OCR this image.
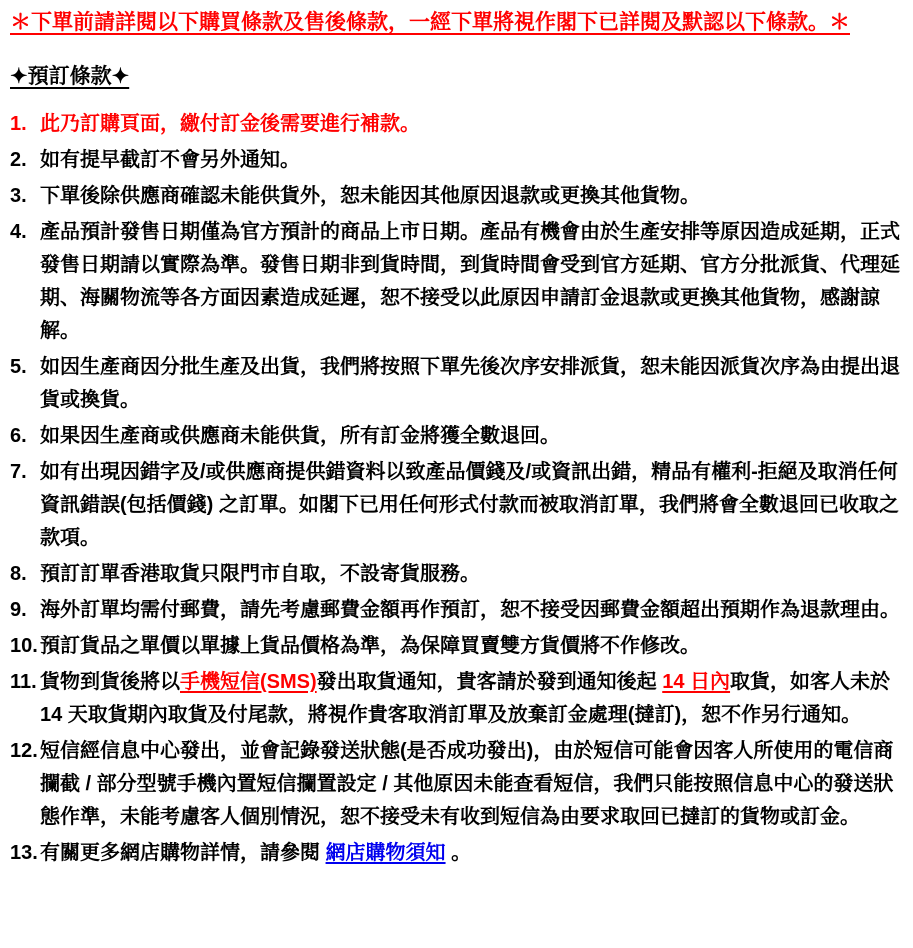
＊下單前請詳閱以下購買條款及售後條款，一經下單將視作閣下已詳閱及默認以下條款。＊
✦預訂條款✦
1. 此乃訂購頁面，繳付訂金後需要進行補款。
2. 如有提早截訂不會另外通知。
3. 下單後除供應商確認未能供貨外，恕未能因其他原因退款或更換其他貨物。
4. 產品預計發售日期僅為官方預計的商品上市日期。產品有機會由於生產安排等原因造成延期，正式發售日期請以實際為準。發售日期非到貨時間，到貨時間會受到官方延期、官方分批派貨、代理延期、海關物流等各方面因素造成延遲，恕不接受以此原因申請訂金退款或更換其他貨物，感謝諒解。
5. 如因生產商因分批生產及出貨，我們將按照下單先後次序安排派貨，恕未能因派貨次序為由提出退貨或換貨。
6. 如果因生產商或供應商未能供貨，所有訂金將獲全數退回。
7. 如有出現因錯字及/或供應商提供錯資料以致產品價錢及/或資訊出錯，精品有權利-拒絕及取消任何資訊錯誤(包括價錢) 之訂單。如閣下已用任何形式付款而被取消訂單，我們將會全數退回已收取之款項。
8. 預訂訂單香港取貨只限門市自取，不設寄貨服務。
9. 海外訂單均需付郵費，請先考慮郵費金額再作預訂，恕不接受因郵費金額超出預期作為退款理由。
10. 預訂貨品之單價以單據上貨品價格為準，為保障買賣雙方貨價將不作修改。
11. 貨物到貨後將以手機短信(SMS)發出取貨通知，貴客請於發到通知後起 14 日內取貨，如客人未於 14 天取貨期內取貨及付尾款，將視作貴客取消訂單及放棄訂金處理(撻訂)，恕不作另行通知。
12. 短信經信息中心發出，並會記錄發送狀態(是否成功發出)，由於短信可能會因客人所使用的電信商攔截 / 部分型號手機內置短信攔置設定 / 其他原因未能查看短信，我們只能按照信息中心的發送狀態作準，未能考慮客人個別情況，恕不接受未有收到短信為由要求取回已撻訂的貨物或訂金。
13. 有關更多網店購物詳情，請參閱 網店購物須知 。
